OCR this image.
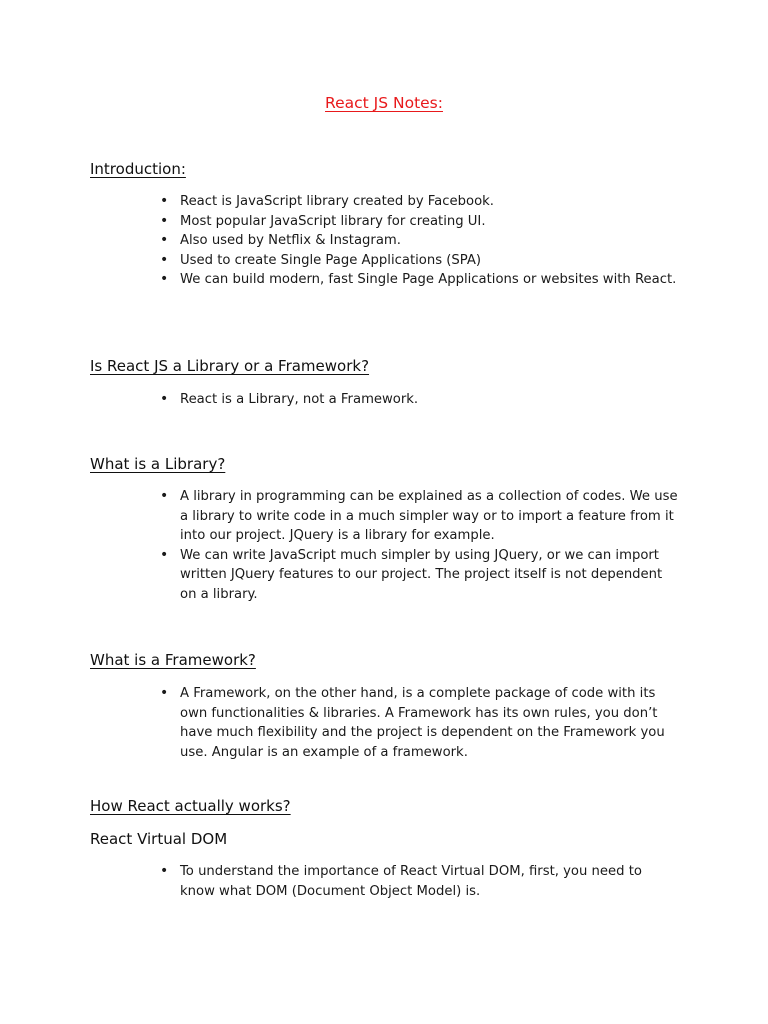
React JS Notes:
Introduction:
• React is JavaScript library created by Facebook.
• Most popular JavaScript library for creating UI.
• Also used by Netflix & Instagram.
• Used to create Single Page Applications (SPA)
• We can build modern, fast Single Page Applications or websites with React.
Is React JS a Library or a Framework?
• React is a Library, not a Framework.
What is a Library?
• A library in programming can be explained as a collection of codes. We use a library to write code in a much simpler way or to import a feature from it into our project. JQuery is a library for example.
• We can write JavaScript much simpler by using JQuery, or we can import written JQuery features to our project. The project itself is not dependent on a library.
What is a Framework?
• A Framework, on the other hand, is a complete package of code with its own functionalities & libraries. A Framework has its own rules, you don’t have much flexibility and the project is dependent on the Framework you use. Angular is an example of a framework.
How React actually works?
React Virtual DOM
• To understand the importance of React Virtual DOM, first, you need to know what DOM (Document Object Model) is.
